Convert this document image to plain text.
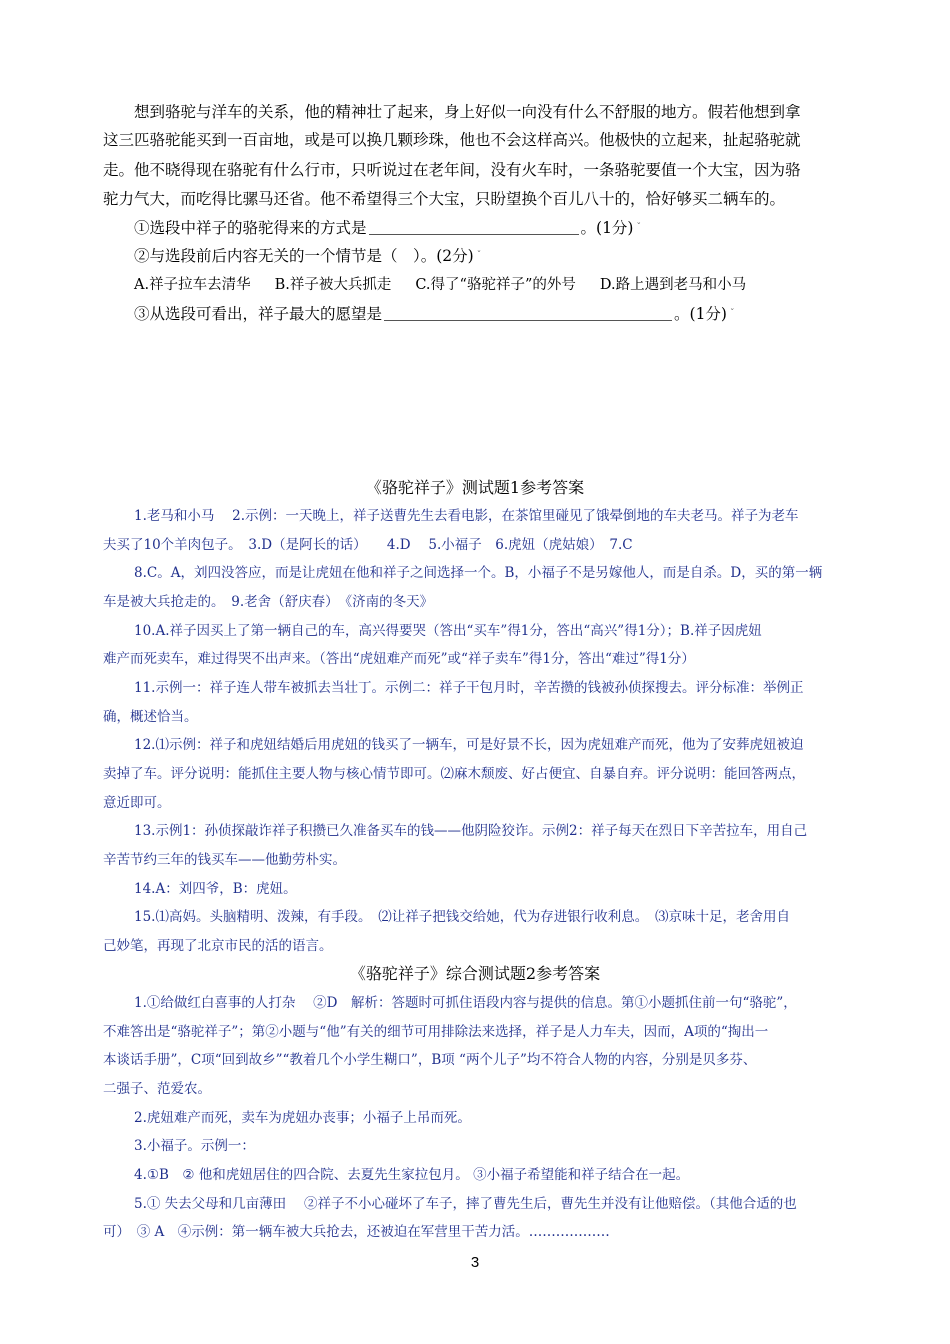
想到骆驼与洋车的关系，他的精神壮了起来，身上好似一向没有什么不舒服的地方。假若他想到拿
这三匹骆驼能买到一百亩地，或是可以换几颗珍珠，他也不会这样高兴。他极快的立起来，扯起骆驼就
走。他不晓得现在骆驼有什么行市，只听说过在老年间，没有火车时，一条骆驼要值一个大宝，因为骆
驼力气大，而吃得比骡马还省。他不希望得三个大宝，只盼望换个百儿八十的，恰好够买二辆车的。
①选段中祥子的骆驼得来的方式是	。(1分) $^ˇ$
②与选段前后内容无关的一个情节是（　）。(2分) $^ˇ$
A.祥子拉车去清华 B.祥子被大兵抓走 C.得了“骆驼祥子”的外号 D.路上遇到老马和小马
③从选段可看出，祥子最大的愿望是	。(1分) $^ˇ$
《骆驼祥子》测试题1参考答案
1.老马和小马　 2.示例：一天晚上，祥子送曹先生去看电影，在茶馆里碰见了饿晕倒地的车夫老马。祥子为老车
夫买了10个羊肉包子。　3.D（是阿长的话）　　4.D　 5.小福子　6.虎妞（虎姑娘）　7.C
8.C。A，刘四没答应，而是让虎妞在他和祥子之间选择一个。B，小福子不是另嫁他人，而是自杀。D，买的第一辆
车是被大兵抢走的。　9.老舍（舒庆春）　《济南的冬天》
10.A.祥子因买上了第一辆自己的车，高兴得要哭（答出“买车”得1分，答出“高兴”得1分）；B.祥子因虎妞
难产而死卖车，难过得哭不出声来。（答出“虎妞难产而死”或“祥子卖车”得1分，答出“难过”得1分）
11.示例一：祥子连人带车被抓去当壮丁。示例二：祥子干包月时，辛苦攒的钱被孙侦探搜去。评分标准：举例正
确，概述恰当。
12.⑴示例：祥子和虎妞结婚后用虎妞的钱买了一辆车，可是好景不长，因为虎妞难产而死，他为了安葬虎妞被迫
卖掉了车。评分说明：能抓住主要人物与核心情节即可。⑵麻木颓废、好占便宜、自暴自弃。评分说明：能回答两点，
意近即可。
13.示例1：孙侦探敲诈祥子积攒已久准备买车的钱——他阴险狡诈。示例2：祥子每天在烈日下辛苦拉车，用自己
辛苦节约三年的钱买车——他勤劳朴实。
14.A：刘四爷，B：虎妞。
15.⑴高妈。头脑精明、泼辣，有手段。　⑵让祥子把钱交给她，代为存进银行收利息。　⑶京味十足，老舍用自
己妙笔，再现了北京市民的活的语言。
《骆驼祥子》综合测试题2参考答案
1.①给做红白喜事的人打杂　 ②D　解析：答题时可抓住语段内容与提供的信息。第①小题抓住前一句“骆驼”，
不难答出是“骆驼祥子”；第②小题与“他”有关的细节可用排除法来选择，祥子是人力车夫，因而，A项的“掏出一
本谈话手册”，C项“回到故乡”“教着几个小学生糊口”，B项 “两个儿子”均不符合人物的内容，分别是贝多芬、
二强子、范爱农。
2.虎妞难产而死，卖车为虎妞办丧事；小福子上吊而死。
3.小福子。示例一：
4.①B　② 他和虎妞居住的四合院、去夏先生家拉包月。 ③小福子希望能和祥子结合在一起。
5.① 失去父母和几亩薄田　 ②祥子不小心碰坏了车子，摔了曹先生后，曹先生并没有让他赔偿。（其他合适的也
可）　③ A　④示例：第一辆车被大兵抢去，还被迫在军营里干苦力活。………………
3
